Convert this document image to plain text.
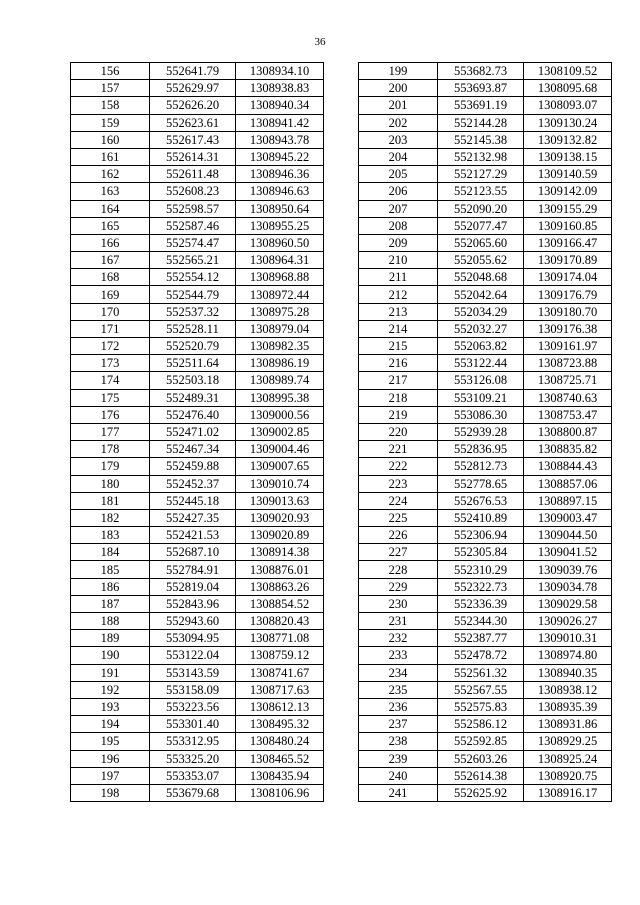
36
156	552641.79	1308934.10
157	552629.97	1308938.83
158	552626.20	1308940.34
159	552623.61	1308941.42
160	552617.43	1308943.78
161	552614.31	1308945.22
162	552611.48	1308946.36
163	552608.23	1308946.63
164	552598.57	1308950.64
165	552587.46	1308955.25
166	552574.47	1308960.50
167	552565.21	1308964.31
168	552554.12	1308968.88
169	552544.79	1308972.44
170	552537.32	1308975.28
171	552528.11	1308979.04
172	552520.79	1308982.35
173	552511.64	1308986.19
174	552503.18	1308989.74
175	552489.31	1308995.38
176	552476.40	1309000.56
177	552471.02	1309002.85
178	552467.34	1309004.46
179	552459.88	1309007.65
180	552452.37	1309010.74
181	552445.18	1309013.63
182	552427.35	1309020.93
183	552421.53	1309020.89
184	552687.10	1308914.38
185	552784.91	1308876.01
186	552819.04	1308863.26
187	552843.96	1308854.52
188	552943.60	1308820.43
189	553094.95	1308771.08
190	553122.04	1308759.12
191	553143.59	1308741.67
192	553158.09	1308717.63
193	553223.56	1308612.13
194	553301.40	1308495.32
195	553312.95	1308480.24
196	553325.20	1308465.52
197	553353.07	1308435.94
198	553679.68	1308106.96
199	553682.73	1308109.52
200	553693.87	1308095.68
201	553691.19	1308093.07
202	552144.28	1309130.24
203	552145.38	1309132.82
204	552132.98	1309138.15
205	552127.29	1309140.59
206	552123.55	1309142.09
207	552090.20	1309155.29
208	552077.47	1309160.85
209	552065.60	1309166.47
210	552055.62	1309170.89
211	552048.68	1309174.04
212	552042.64	1309176.79
213	552034.29	1309180.70
214	552032.27	1309176.38
215	552063.82	1309161.97
216	553122.44	1308723.88
217	553126.08	1308725.71
218	553109.21	1308740.63
219	553086.30	1308753.47
220	552939.28	1308800.87
221	552836.95	1308835.82
222	552812.73	1308844.43
223	552778.65	1308857.06
224	552676.53	1308897.15
225	552410.89	1309003.47
226	552306.94	1309044.50
227	552305.84	1309041.52
228	552310.29	1309039.76
229	552322.73	1309034.78
230	552336.39	1309029.58
231	552344.30	1309026.27
232	552387.77	1309010.31
233	552478.72	1308974.80
234	552561.32	1308940.35
235	552567.55	1308938.12
236	552575.83	1308935.39
237	552586.12	1308931.86
238	552592.85	1308929.25
239	552603.26	1308925.24
240	552614.38	1308920.75
241	552625.92	1308916.17
